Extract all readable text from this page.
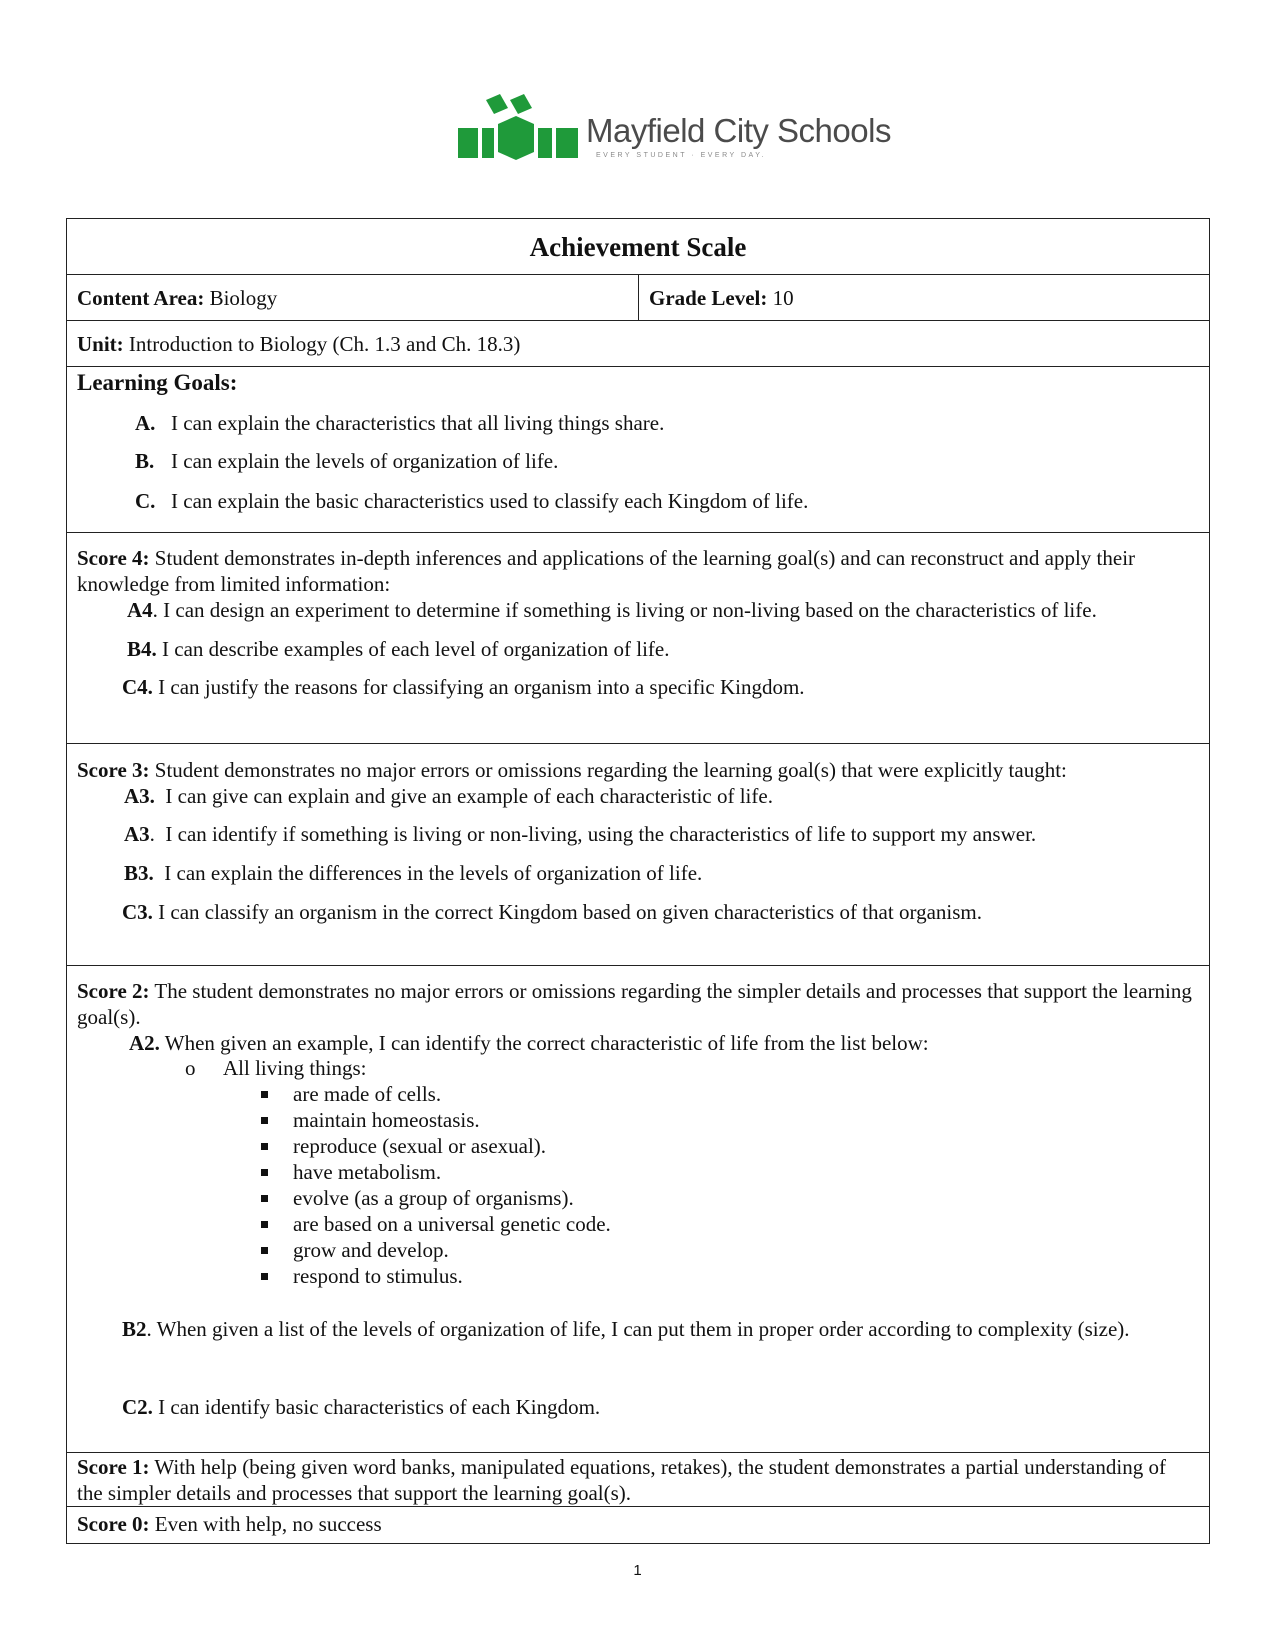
Mayfield City Schools
EVERY STUDENT · EVERY DAY.
Achievement Scale
Content Area: Biology	Grade Level: 10
Unit: Introduction to Biology (Ch. 1.3 and Ch. 18.3)
Learning Goals:
A. I can explain the characteristics that all living things share.
B. I can explain the levels of organization of life.
C. I can explain the basic characteristics used to classify each Kingdom of life.
Score 4: Student demonstrates in-depth inferences and applications of the learning goal(s) and can reconstruct and apply their knowledge from limited information:
A4. I can design an experiment to determine if something is living or non-living based on the characteristics of life.
B4. I can describe examples of each level of organization of life.
C4. I can justify the reasons for classifying an organism into a specific Kingdom.
Score 3: Student demonstrates no major errors or omissions regarding the learning goal(s) that were explicitly taught:
A3.  I can give can explain and give an example of each characteristic of life.
A3.  I can identify if something is living or non-living, using the characteristics of life to support my answer.
B3.  I can explain the differences in the levels of organization of life.
C3. I can classify an organism in the correct Kingdom based on given characteristics of that organism.
Score 2: The student demonstrates no major errors or omissions regarding the simpler details and processes that support the learning goal(s).
A2. When given an example, I can identify the correct characteristic of life from the list below:
o All living things:
are made of cells.
maintain homeostasis.
reproduce (sexual or asexual).
have metabolism.
evolve (as a group of organisms).
are based on a universal genetic code.
grow and develop.
respond to stimulus.
B2. When given a list of the levels of organization of life, I can put them in proper order according to complexity (size).
C2. I can identify basic characteristics of each Kingdom.
Score 1: With help (being given word banks, manipulated equations, retakes), the student demonstrates a partial understanding of the simpler details and processes that support the learning goal(s).
Score 0: Even with help, no success
1
